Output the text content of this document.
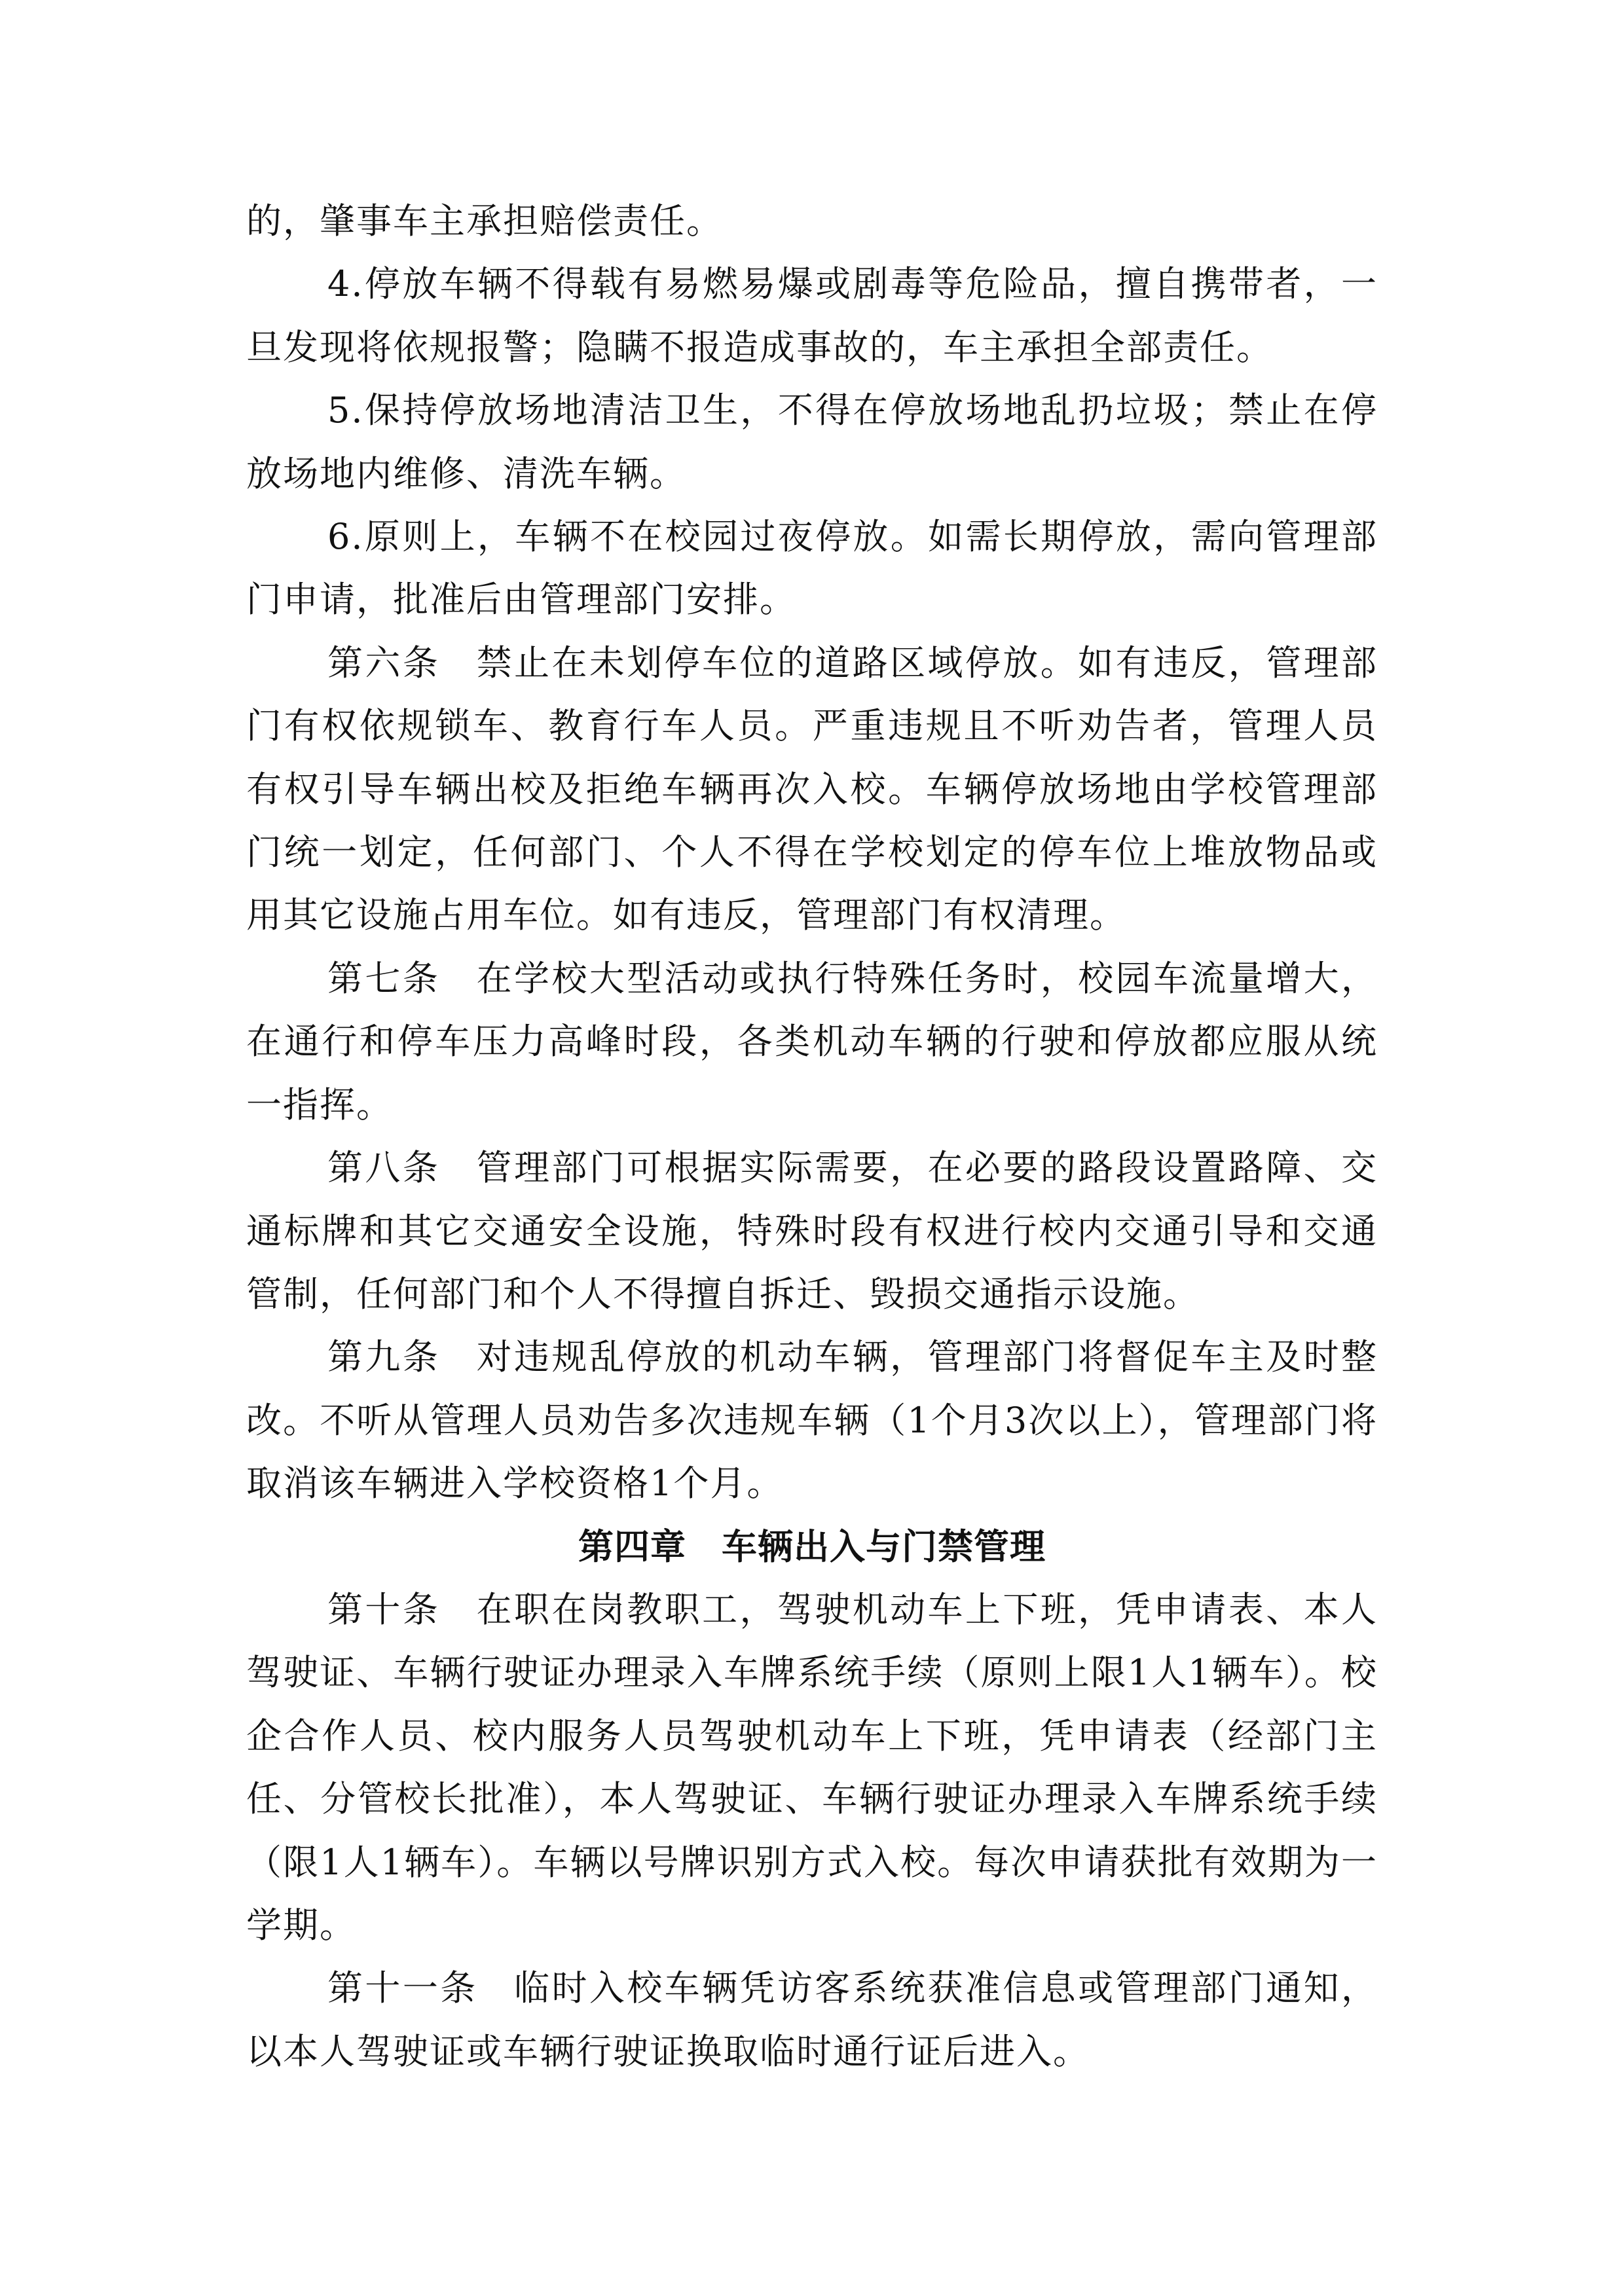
的，肇事车主承担赔偿责任。

4.停放车辆不得载有易燃易爆或剧毒等危险品，擅自携带者，一旦发现将依规报警；隐瞒不报造成事故的，车主承担全部责任。

5.保持停放场地清洁卫生，不得在停放场地乱扔垃圾；禁止在停放场地内维修、清洗车辆。

6.原则上，车辆不在校园过夜停放。如需长期停放，需向管理部门申请，批准后由管理部门安排。

第六条 禁止在未划停车位的道路区域停放。如有违反，管理部门有权依规锁车、教育行车人员。严重违规且不听劝告者，管理人员有权引导车辆出校及拒绝车辆再次入校。车辆停放场地由学校管理部门统一划定，任何部门、个人不得在学校划定的停车位上堆放物品或用其它设施占用车位。如有违反，管理部门有权清理。

第七条 在学校大型活动或执行特殊任务时，校园车流量增大，在通行和停车压力高峰时段，各类机动车辆的行驶和停放都应服从统一指挥。

第八条 管理部门可根据实际需要，在必要的路段设置路障、交通标牌和其它交通安全设施，特殊时段有权进行校内交通引导和交通管制，任何部门和个人不得擅自拆迁、毁损交通指示设施。

第九条 对违规乱停放的机动车辆，管理部门将督促车主及时整改。不听从管理人员劝告多次违规车辆（1个月3次以上），管理部门将取消该车辆进入学校资格1个月。

第四章 车辆出入与门禁管理

第十条 在职在岗教职工，驾驶机动车上下班，凭申请表、本人驾驶证、车辆行驶证办理录入车牌系统手续（原则上限1人1辆车）。校企合作人员、校内服务人员驾驶机动车上下班，凭申请表（经部门主任、分管校长批准），本人驾驶证、车辆行驶证办理录入车牌系统手续（限1人1辆车）。车辆以号牌识别方式入校。每次申请获批有效期为一学期。

第十一条 临时入校车辆凭访客系统获准信息或管理部门通知，以本人驾驶证或车辆行驶证换取临时通行证后进入。
